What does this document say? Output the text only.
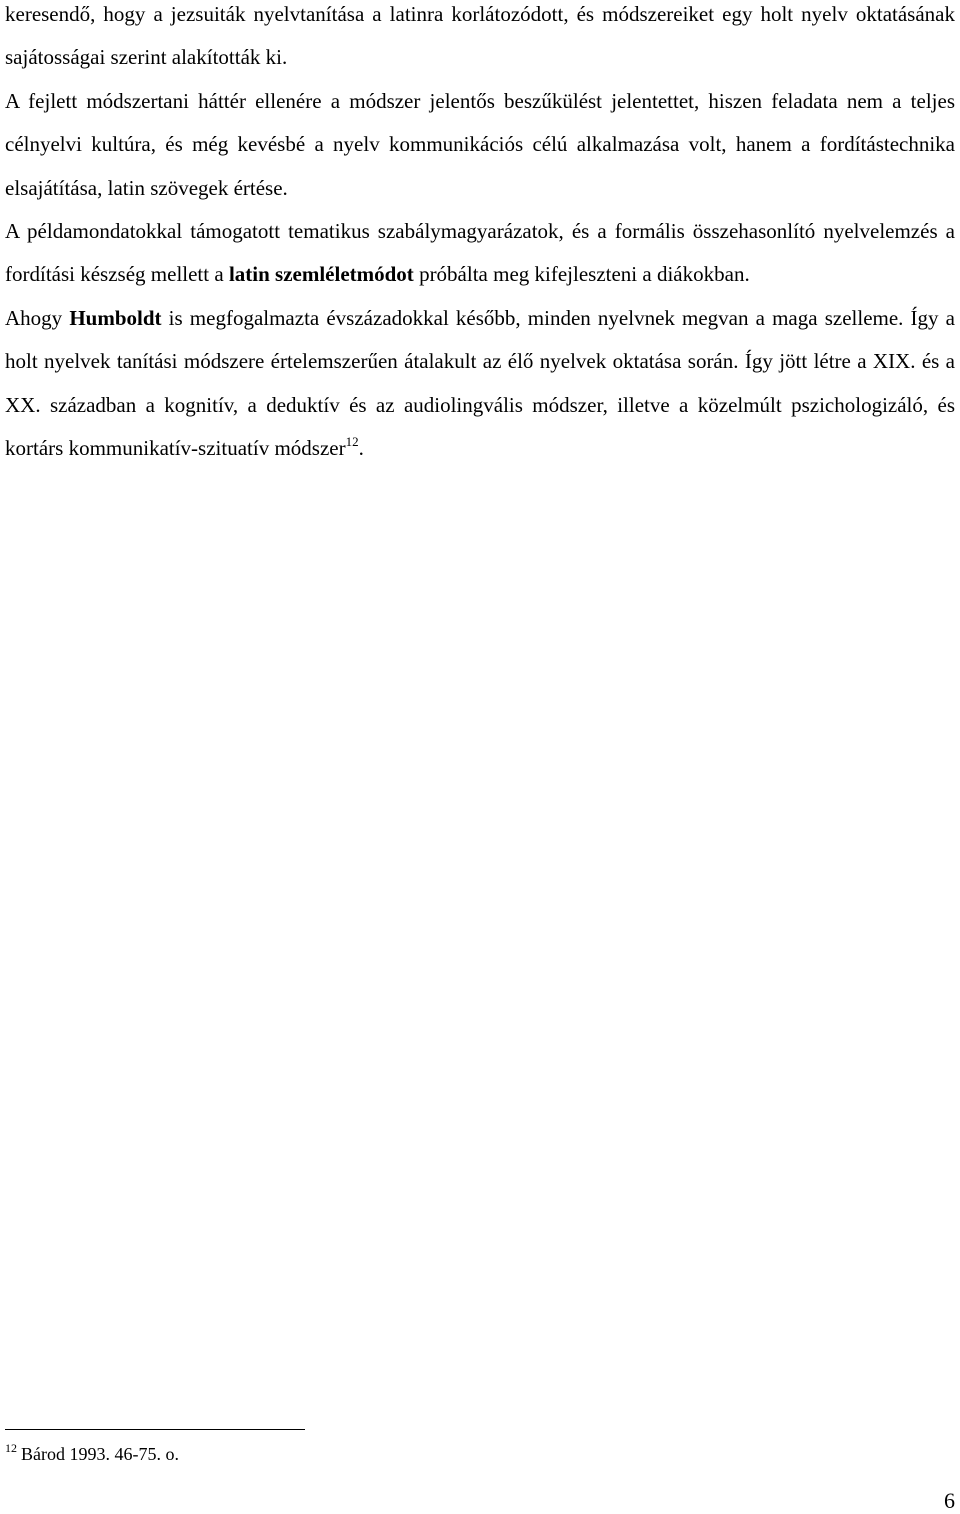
keresendő, hogy a jezsuiták nyelvtanítása a latinra korlátozódott, és módszereiket egy holt nyelv oktatásának sajátosságai szerint alakították ki.

A fejlett módszertani háttér ellenére a módszer jelentős beszűkülést jelentettet, hiszen feladata nem a teljes célnyelvi kultúra, és még kevésbé a nyelv kommunikációs célú alkalmazása volt, hanem a fordítástechnika elsajátítása, latin szövegek értése.

A példamondatokkal támogatott tematikus szabálymagyarázatok, és a formális összehasonlító nyelvelemzés a fordítási készség mellett a latin szemléletmódot próbálta meg kifejleszteni a diákokban.

Ahogy Humboldt is megfogalmazta évszázadokkal később, minden nyelvnek megvan a maga szelleme. Így a holt nyelvek tanítási módszere értelemszerűen átalakult az élő nyelvek oktatása során. Így jött létre a XIX. és a XX. században a kognitív, a deduktív és az audiolingvális módszer, illetve a közelmúlt pszichologizáló, és kortárs kommunikatív-szituatív módszer$^{12}$.

$^{12}$ Bárod 1993. 46-75. o.
6
